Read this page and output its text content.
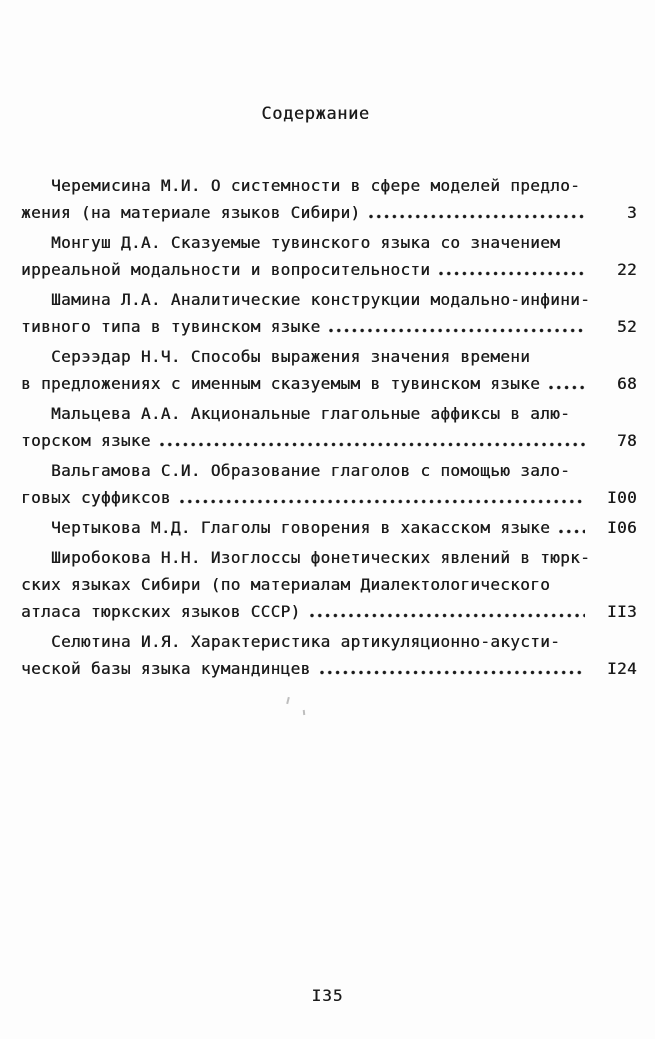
Содержание
Черемисина М.И. О системности в сфере моделей предло-
жения (на материале языков Сибири)	3
Монгуш Д.А. Сказуемые тувинского языка со значением
ирреальной модальности и вопросительности	22
Шамина Л.А. Аналитические конструкции модально-инфини-
тивного типа в тувинском языке	52
Серээдар Н.Ч. Способы выражения значения времени
в предложениях с именным сказуемым в тувинском языке	68
Мальцева А.А. Акциональные глагольные аффиксы в алю-
торском языке	78
Вальгамова С.И. Образование глаголов с помощью зало-
говых суффиксов	I00
Чертыкова М.Д. Глаголы говорения в хакасском языке	I06
Широбокова Н.Н. Изоглоссы фонетических явлений в тюрк-
ских языках Сибири (по материалам Диалектологического
атласа тюркских языков СССР)	II3
Селютина И.Я. Характеристика артикуляционно-акусти-
ческой базы языка кумандинцев	I24
I35
